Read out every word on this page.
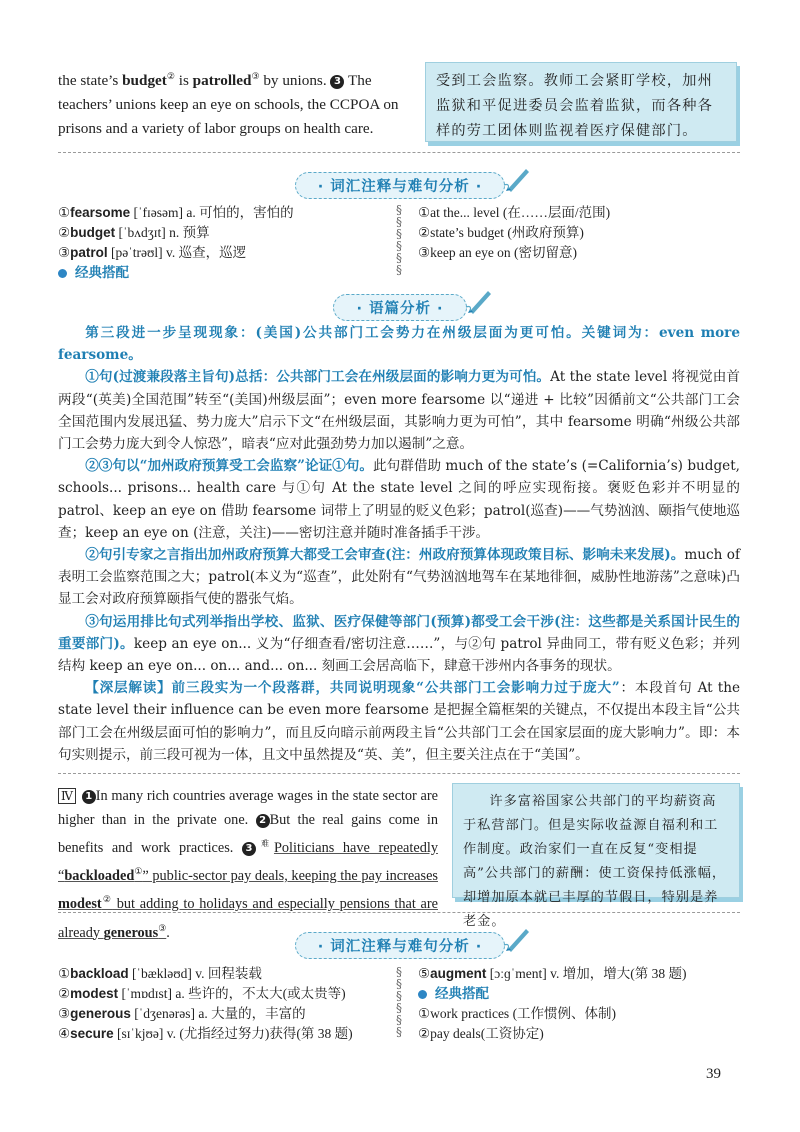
the state’s budget② is patrolled③ by unions. 3 The teachers’ unions keep an eye on schools, the CCPOA on prisons and a variety of labor groups on health care.
受到工会监察。教师工会紧盯学校，加州监狱和平促进委员会监着监狱，而各种各样的劳工团体则监视着医疗保健部门。
· 词汇注释与难句分析 ·
①fearsome [ˈfɪəsəm] a. 可怕的，害怕的
②budget [ˈbʌdʒɪt] n. 预算
③patrol [pəˈtrəʊl] v. 巡查，巡逻
经典搭配
§
§
§
§
§
§
①at the... level (在……层面/范围)
②state’s budget (州政府预算)
③keep an eye on (密切留意)
· 语篇分析 ·

第三段进一步呈现现象：(美国)公共部门工会势力在州级层面为更可怕。关键词为：even more fearsome。

①句(过渡兼段落主旨句)总括：公共部门工会在州级层面的影响力更为可怕。At the state level 将视觉由首两段“(英美)全国范围”转至“(美国)州级层面”；even more fearsome 以“递进 + 比较”因循前文“公共部门工会全国范围内发展迅猛、势力庞大”启示下文“在州级层面，其影响力更为可怕”，其中 fearsome 明确“州级公共部门工会势力庞大到令人惊恐”，暗表“应对此强劲势力加以遏制”之意。

②③句以“加州政府预算受工会监察”论证①句。此句群借助 much of the state’s (=California’s) budget, schools... prisons... health care 与①句 At the state level 之间的呼应实现衔接。褒贬色彩并不明显的 patrol、keep an eye on 借助 fearsome 词带上了明显的贬义色彩；patrol(巡查)——气势汹汹、颐指气使地巡查；keep an eye on (注意，关注)——密切注意并随时准备插手干涉。

②句引专家之言指出加州政府预算大都受工会审查(注：州政府预算体现政策目标、影响未来发展)。much of 表明工会监察范围之大；patrol(本义为“巡查”，此处附有“气势汹汹地驾车在某地徘徊，威胁性地游荡”之意味)凸显工会对政府预算颐指气使的嚣张气焰。

③句运用排比句式列举指出学校、监狱、医疗保健等部门(预算)都受工会干涉(注：这些都是关系国计民生的重要部门)。keep an eye on... 义为“仔细查看/密切注意……”，与②句 patrol 异曲同工，带有贬义色彩；并列结构 keep an eye on... on... and... on... 刻画工会居高临下，肆意干涉州内各事务的现状。

【深层解读】前三段实为一个段落群，共同说明现象“公共部门工会影响力过于庞大”：本段首句 At the state level their influence can be even more fearsome 是把握全篇框架的关键点，不仅提出本段主旨“公共部门工会在州级层面可怕的影响力”，而且反向暗示前两段主旨“公共部门工会在国家层面的庞大影响力”。即：本句实则提示，前三段可视为一体，且文中虽然提及“英、美”，但主要关注点在于“美国”。

Ⅳ 1 In many rich countries average wages in the state sector are higher than in the private one. 2 But the real gains come in benefits and work practices. 3 $^难$Politicians have repeatedly “backloaded①” public-sector pay deals, keeping the pay increases modest② but adding to holidays and especially pensions that are already generous③.
许多富裕国家公共部门的平均薪资高于私营部门。但是实际收益源自福利和工作制度。政治家们一直在反复“变相提高”公共部门的薪酬：使工资保持低涨幅，却增加原本就已丰厚的节假日，特别是养老金。
· 词汇注释与难句分析 ·
①backload [ˈbækləʊd] v. 回程装载
②modest [ˈmɒdɪst] a. 些许的，不太大(或太贵等)
③generous [ˈdʒenərəs] a. 大量的，丰富的
④secure [sɪˈkjʊə] v. (尤指经过努力)获得(第 38 题)
§
§
§
§
§
§
⑤augment [ɔːɡˈment] v. 增加，增大(第 38 题)
经典搭配
①work practices (工作惯例、体制)
②pay deals(工资协定)
39
